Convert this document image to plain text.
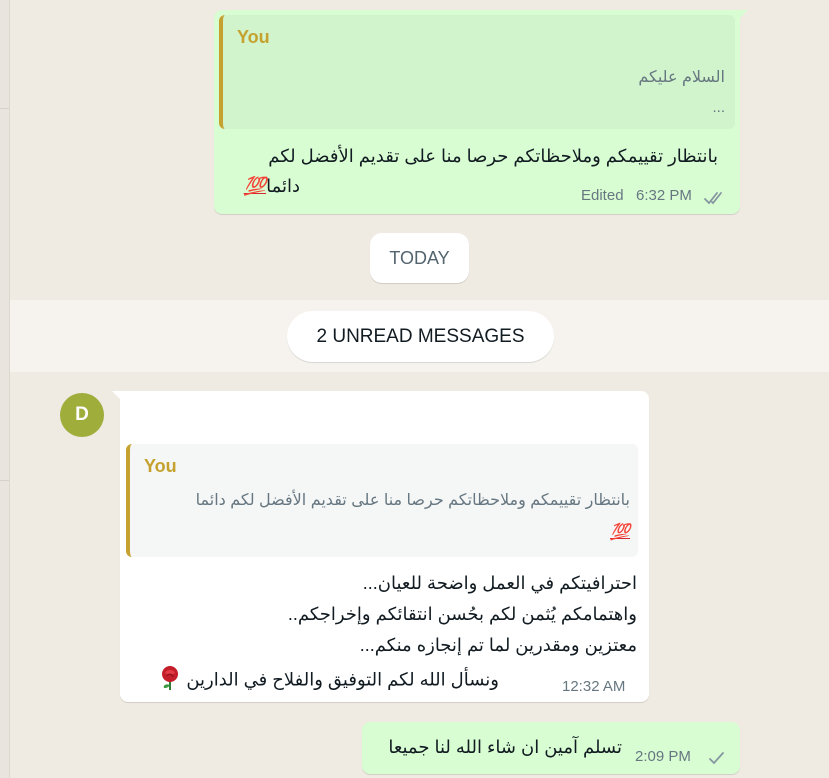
You
السلام عليكم
...
بانتظار تقييمكم وملاحظاتكم حرصا منا على تقديم الأفضل لكم
دائما💯	Edited 6:32 PM
TODAY
2 UNREAD MESSAGES
D
You
بانتظار تقييمكم وملاحظاتكم حرصا منا على تقديم الأفضل لكم دائما
💯
احترافيتكم في العمل واضحة للعيان...
واهتمامكم يُثمن لكم بحُسن انتقائكم وإخراجكم..
معتزين ومقدرين لما تم إنجازه منكم...
ونسأل الله لكم التوفيق والفلاح في الدارين	12:32 AM
تسلم آمين ان شاء الله لنا جميعا 2:09 PM
